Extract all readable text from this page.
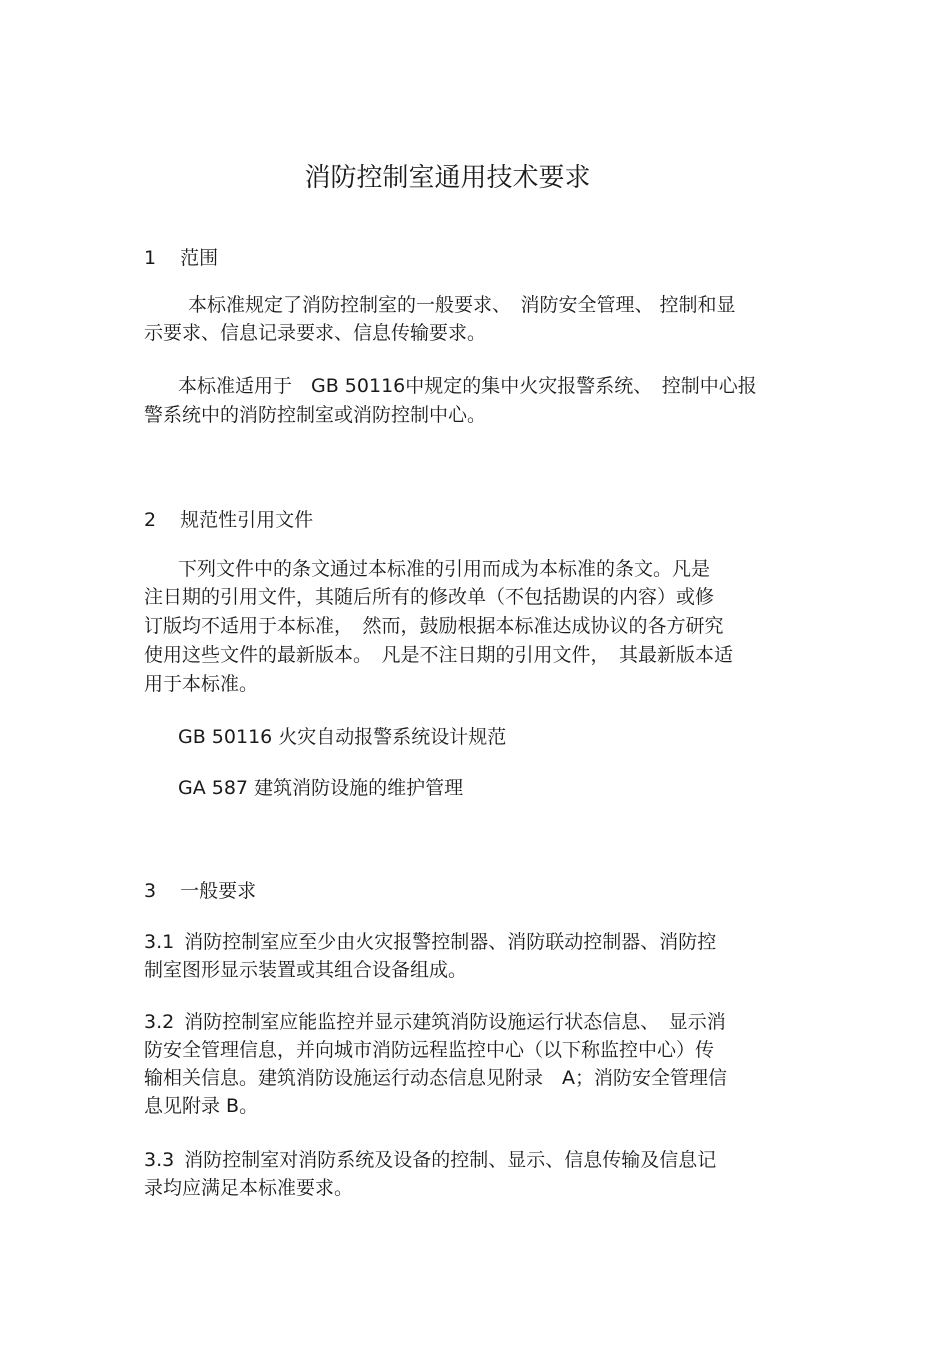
消防控制室通用技术要求
1 范围
本标准规定了消防控制室的一般要求、　消防安全管理、 控制和显
示要求、信息记录要求、信息传输要求。
本标准适用于　GB 50116中规定的集中火灾报警系统、　控制中心报
警系统中的消防控制室或消防控制中心。
2 规范性引用文件
下列文件中的条文通过本标准的引用而成为本标准的条文。凡是
注日期的引用文件，其随后所有的修改单（不包括勘误的内容）或修
订版均不适用于本标准，　然而，鼓励根据本标准达成协议的各方研究
使用这些文件的最新版本。　凡是不注日期的引用文件，　其最新版本适
用于本标准。
GB 50116 火灾自动报警系统设计规范
GA 587 建筑消防设施的维护管理
3 一般要求
3.1 消防控制室应至少由火灾报警控制器、消防联动控制器、消防控
制室图形显示装置或其组合设备组成。
3.2 消防控制室应能监控并显示建筑消防设施运行状态信息、　显示消
防安全管理信息，并向城市消防远程监控中心（以下称监控中心）传
输相关信息。建筑消防设施运行动态信息见附录　A；消防安全管理信
息见附录 B。
3.3 消防控制室对消防系统及设备的控制、显示、信息传输及信息记
录均应满足本标准要求。
